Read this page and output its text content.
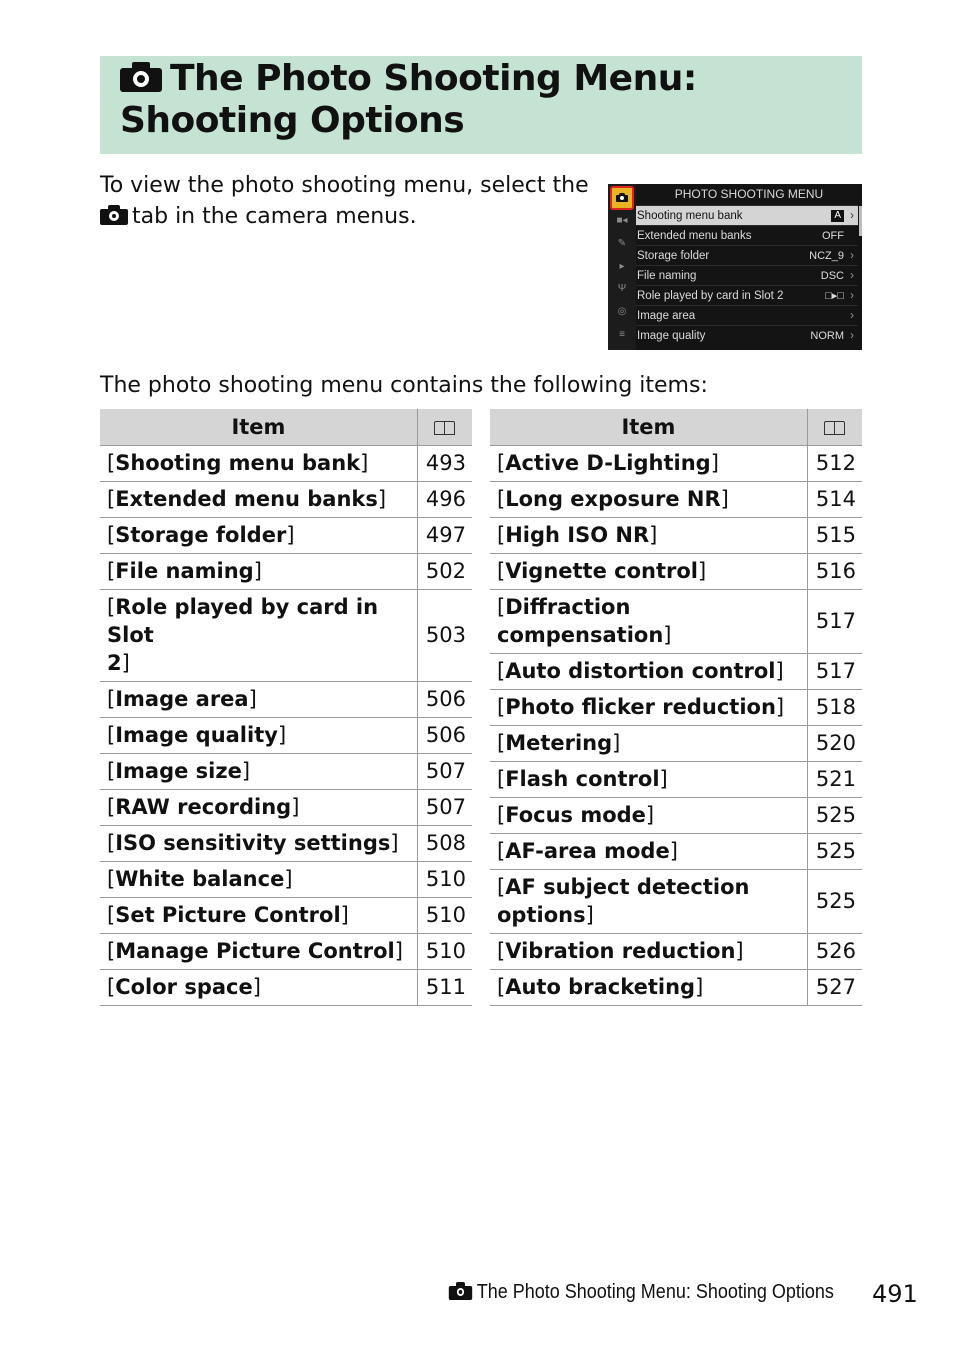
The Photo Shooting Menu: Shooting Options
To view the photo shooting menu, select the

tab in the camera menus.	■◂
✎
▸
Ψ
◎
≡
PHOTO SHOOTING MENU
Shooting menu bank	A ›
Extended menu banks	OFF
Storage folder	NCZ_9 ›
File naming	DSC ›
Role played by card in Slot 2	□▸□ ›
Image area	›
Image quality	NORM ›
The photo shooting menu contains the following items:
Item	

[Shooting menu bank]	493
[Extended menu banks]	496
[Storage folder]	497
[File naming]	502
[Role played by card in Slot
2]	503
[Image area]	506
[Image quality]	506
[Image size]	507
[RAW recording]	507
[ISO sensitivity settings]	508
[White balance]	510
[Set Picture Control]	510
[Manage Picture Control]	510
[Color space]	511
Item	

[Active D-Lighting]	512
[Long exposure NR]	514
[High ISO NR]	515
[Vignette control]	516
[Diffraction compensation]	517
[Auto distortion control]	517
[Photo flicker reduction]	518
[Metering]	520
[Flash control]	521
[Focus mode]	525
[AF-area mode]	525
[AF subject detection
options]	525
[Vibration reduction]	526
[Auto bracketing]	527
The Photo Shooting Menu: Shooting Options 491
